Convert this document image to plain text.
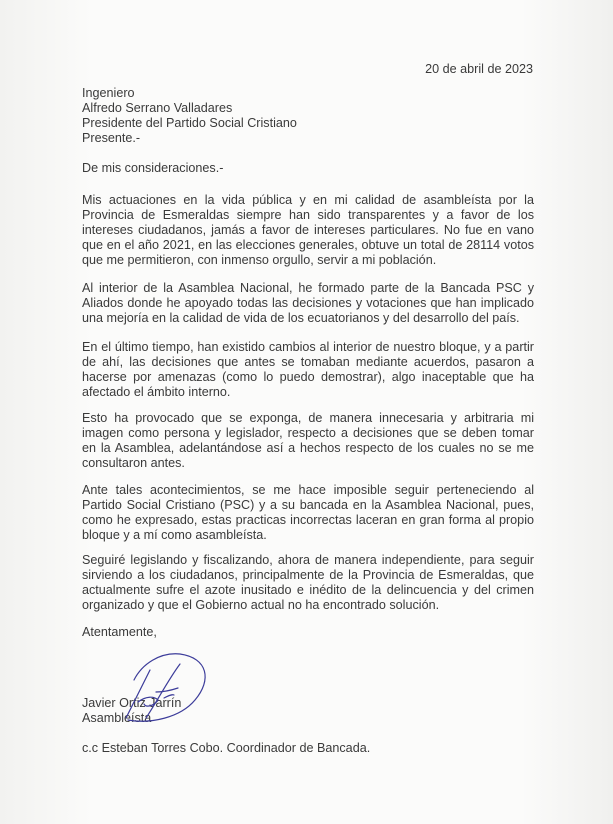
20 de abril de 2023
Ingeniero
Alfredo Serrano Valladares
Presidente del Partido Social Cristiano
Presente.-

De mis consideraciones.-

Mis actuaciones en la vida pública y en mi calidad de asambleísta por la Provincia de Esmeraldas siempre han sido transparentes y a favor de los intereses ciudadanos, jamás a favor de intereses particulares. No fue en vano que en el año 2021, en las elecciones generales, obtuve un total de 28114 votos que me permitieron, con inmenso orgullo, servir a mi población.

Al interior de la Asamblea Nacional, he formado parte de la Bancada PSC y Aliados donde he apoyado todas las decisiones y votaciones que han implicado una mejoría en la calidad de vida de los ecuatorianos y del desarrollo del país.

En el último tiempo, han existido cambios al interior de nuestro bloque, y a partir de ahí, las decisiones que antes se tomaban mediante acuerdos, pasaron a hacerse por amenazas (como lo puedo demostrar), algo inaceptable que ha afectado el ámbito interno.

Esto ha provocado que se exponga, de manera innecesaria y arbitraria mi imagen como persona y legislador, respecto a decisiones que se deben tomar en la Asamblea, adelantándose así a hechos respecto de los cuales no se me consultaron antes.

Ante tales acontecimientos, se me hace imposible seguir perteneciendo al Partido Social Cristiano (PSC) y a su bancada en la Asamblea Nacional, pues, como he expresado, estas practicas incorrectas laceran en gran forma al propio bloque y a mí como asambleísta.

Seguiré legislando y fiscalizando, ahora de manera independiente, para seguir sirviendo a los ciudadanos, principalmente de la Provincia de Esmeraldas, que actualmente sufre el azote inusitado e inédito de la delincuencia y del crimen organizado y que el Gobierno actual no ha encontrado solución.

Atentamente,

Javier Ortiz Jarrín
Asambleísta

c.c Esteban Torres Cobo. Coordinador de Bancada.
